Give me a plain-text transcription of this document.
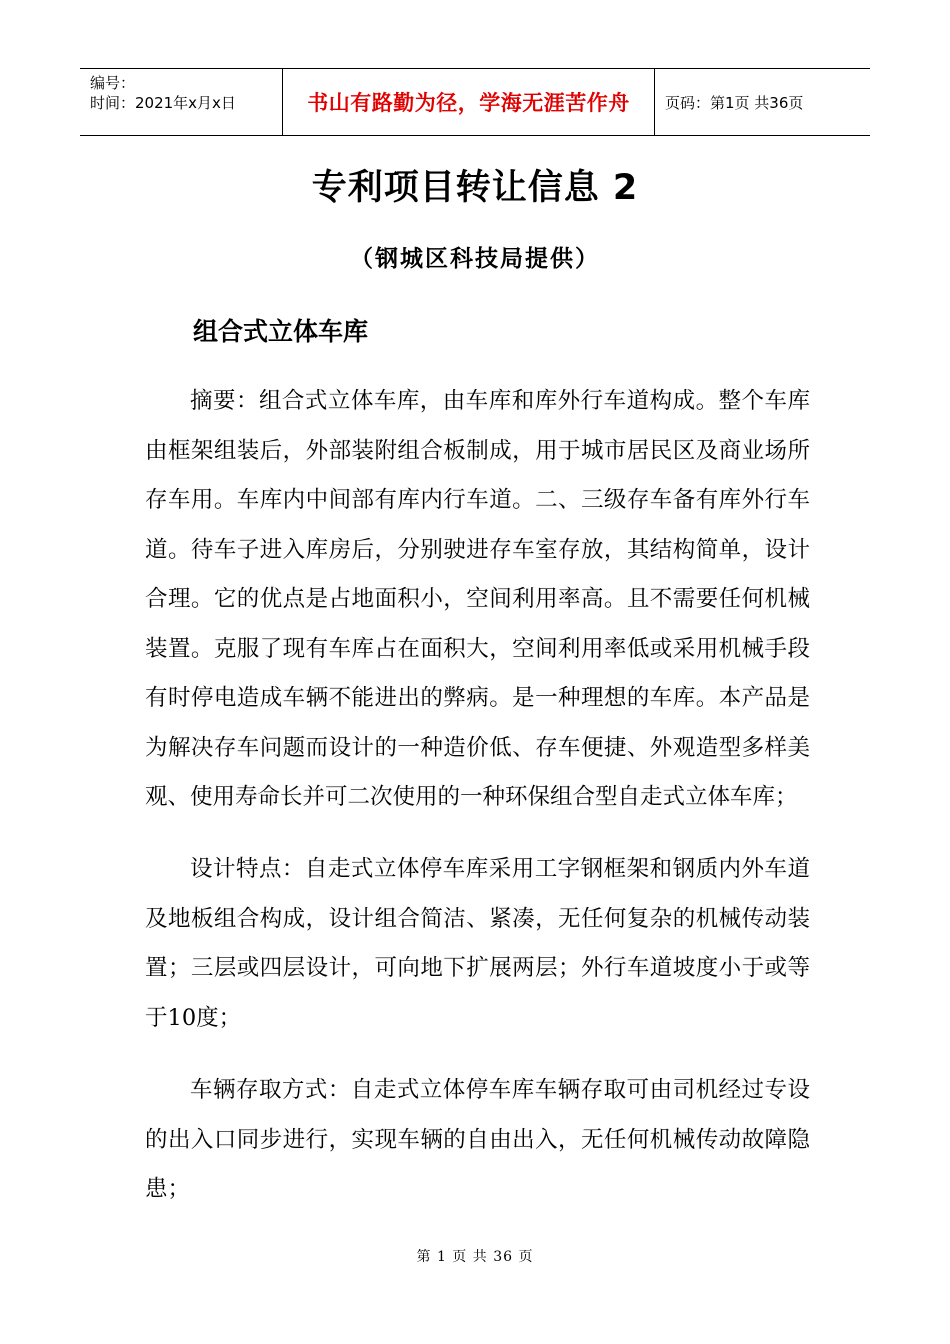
编号：
时间：2021年x月x日	书山有路勤为径，学海无涯苦作舟	页码：第1页 共36页
专利项目转让信息 2
（钢城区科技局提供）
组合式立体车库

摘要：组合式立体车库，由车库和库外行车道构成。整个车库由框架组装后，外部装附组合板制成，用于城市居民区及商业场所存车用。车库内中间部有库内行车道。二、三级存车备有库外行车道。待车子进入库房后，分别驶进存车室存放，其结构简单，设计合理。它的优点是占地面积小，空间利用率高。且不需要任何机械装置。克服了现有车库占在面积大，空间利用率低或采用机械手段有时停电造成车辆不能进出的弊病。是一种理想的车库。本产品是为解决存车问题而设计的一种造价低、存车便捷、外观造型多样美观、使用寿命长并可二次使用的一种环保组合型自走式立体车库；

设计特点：自走式立体停车库采用工字钢框架和钢质内外车道及地板组合构成，设计组合简洁、紧凑，无任何复杂的机械传动装置；三层或四层设计，可向地下扩展两层；外行车道坡度小于或等于10度；

车辆存取方式：自走式立体停车库车辆存取可由司机经过专设的出入口同步进行，实现车辆的自由出入，无任何机械传动故障隐患；

第 1 页 共 36 页
